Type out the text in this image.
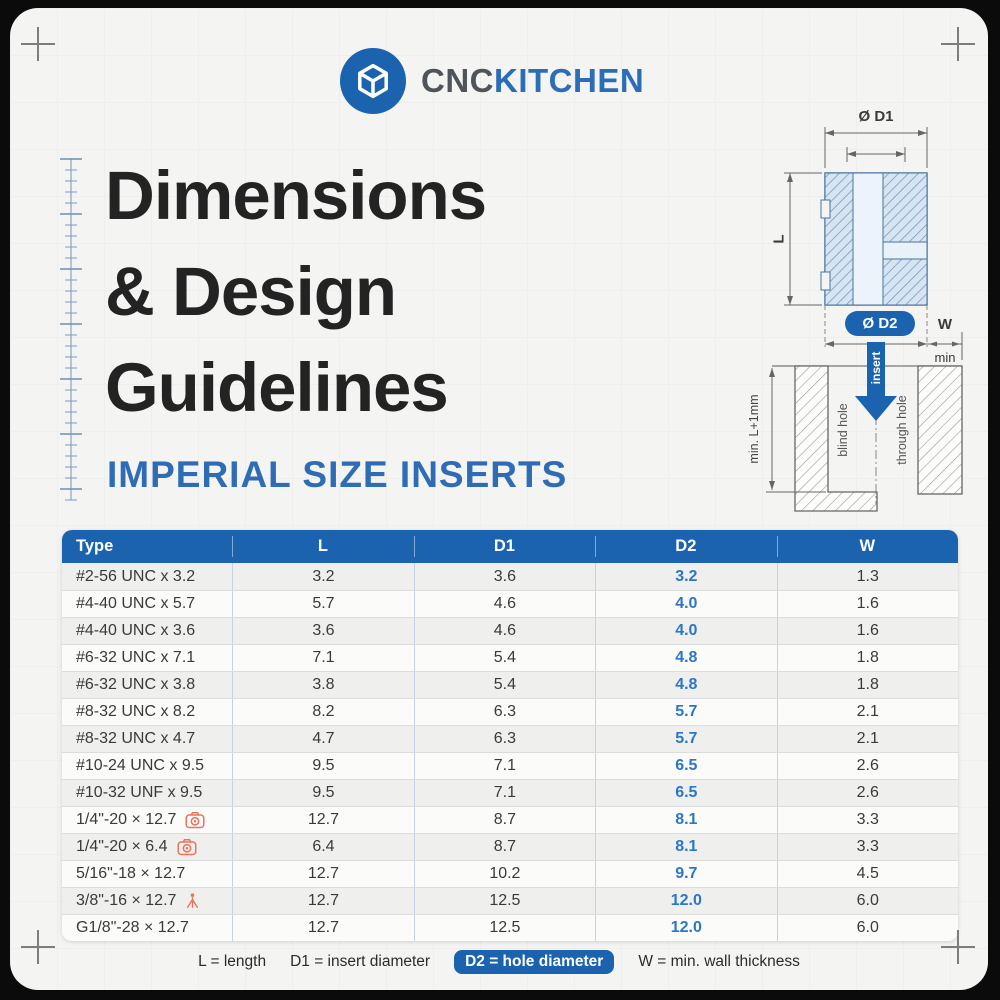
CNCKITCHEN
Dimensions
& Design
Guidelines
IMPERIAL SIZE INSERTS
Ø D1
L
Ø D2	W
min
min. L+1mm
insert
blind hole	through hole
Type	L	D1	D2	W
#2-56 UNC x 3.2	3.2	3.6	3.2	1.3
#4-40 UNC x 5.7	5.7	4.6	4.0	1.6
#4-40 UNC x 3.6	3.6	4.6	4.0	1.6
#6-32 UNC x 7.1	7.1	5.4	4.8	1.8
#6-32 UNC x 3.8	3.8	5.4	4.8	1.8
#8-32 UNC x 8.2	8.2	6.3	5.7	2.1
#8-32 UNC x 4.7	4.7	6.3	5.7	2.1
#10-24 UNC x 9.5	9.5	7.1	6.5	2.6
#10-32 UNF x 9.5	9.5	7.1	6.5	2.6
1/4"-20 × 12.7	12.7	8.7	8.1	3.3
1/4"-20 × 6.4	6.4	8.7	8.1	3.3
5/16"-18 × 12.7	12.7	10.2	9.7	4.5
3/8"-16 × 12.7	12.7	12.5	12.0	6.0
G1/8"-28 × 12.7	12.7	12.5	12.0	6.0
L = length D1 = insert diameter	D2 = hole diameter	W = min. wall thickness
